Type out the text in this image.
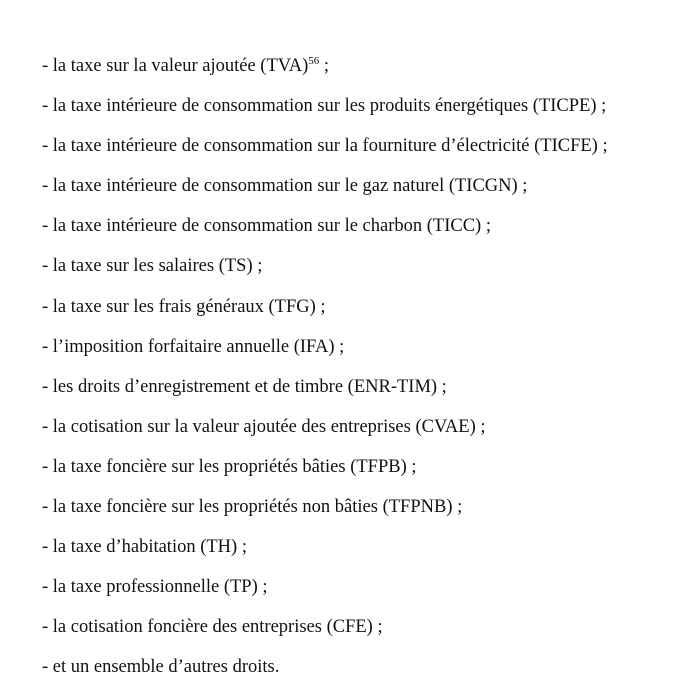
- la taxe sur la valeur ajoutée (TVA)$^{56}$ ;
- la taxe intérieure de consommation sur les produits énergétiques (TICPE) ;
- la taxe intérieure de consommation sur la fourniture d’électricité (TICFE) ;
- la taxe intérieure de consommation sur le gaz naturel (TICGN) ;
- la taxe intérieure de consommation sur le charbon (TICC) ;
- la taxe sur les salaires (TS) ;
- la taxe sur les frais généraux (TFG) ;
- l’imposition forfaitaire annuelle (IFA) ;
- les droits d’enregistrement et de timbre (ENR-TIM) ;
- la cotisation sur la valeur ajoutée des entreprises (CVAE) ;
- la taxe foncière sur les propriétés bâties (TFPB) ;
- la taxe foncière sur les propriétés non bâties (TFPNB) ;
- la taxe d’habitation (TH) ;
- la taxe professionnelle (TP) ;
- la cotisation foncière des entreprises (CFE) ;
- et un ensemble d’autres droits.
